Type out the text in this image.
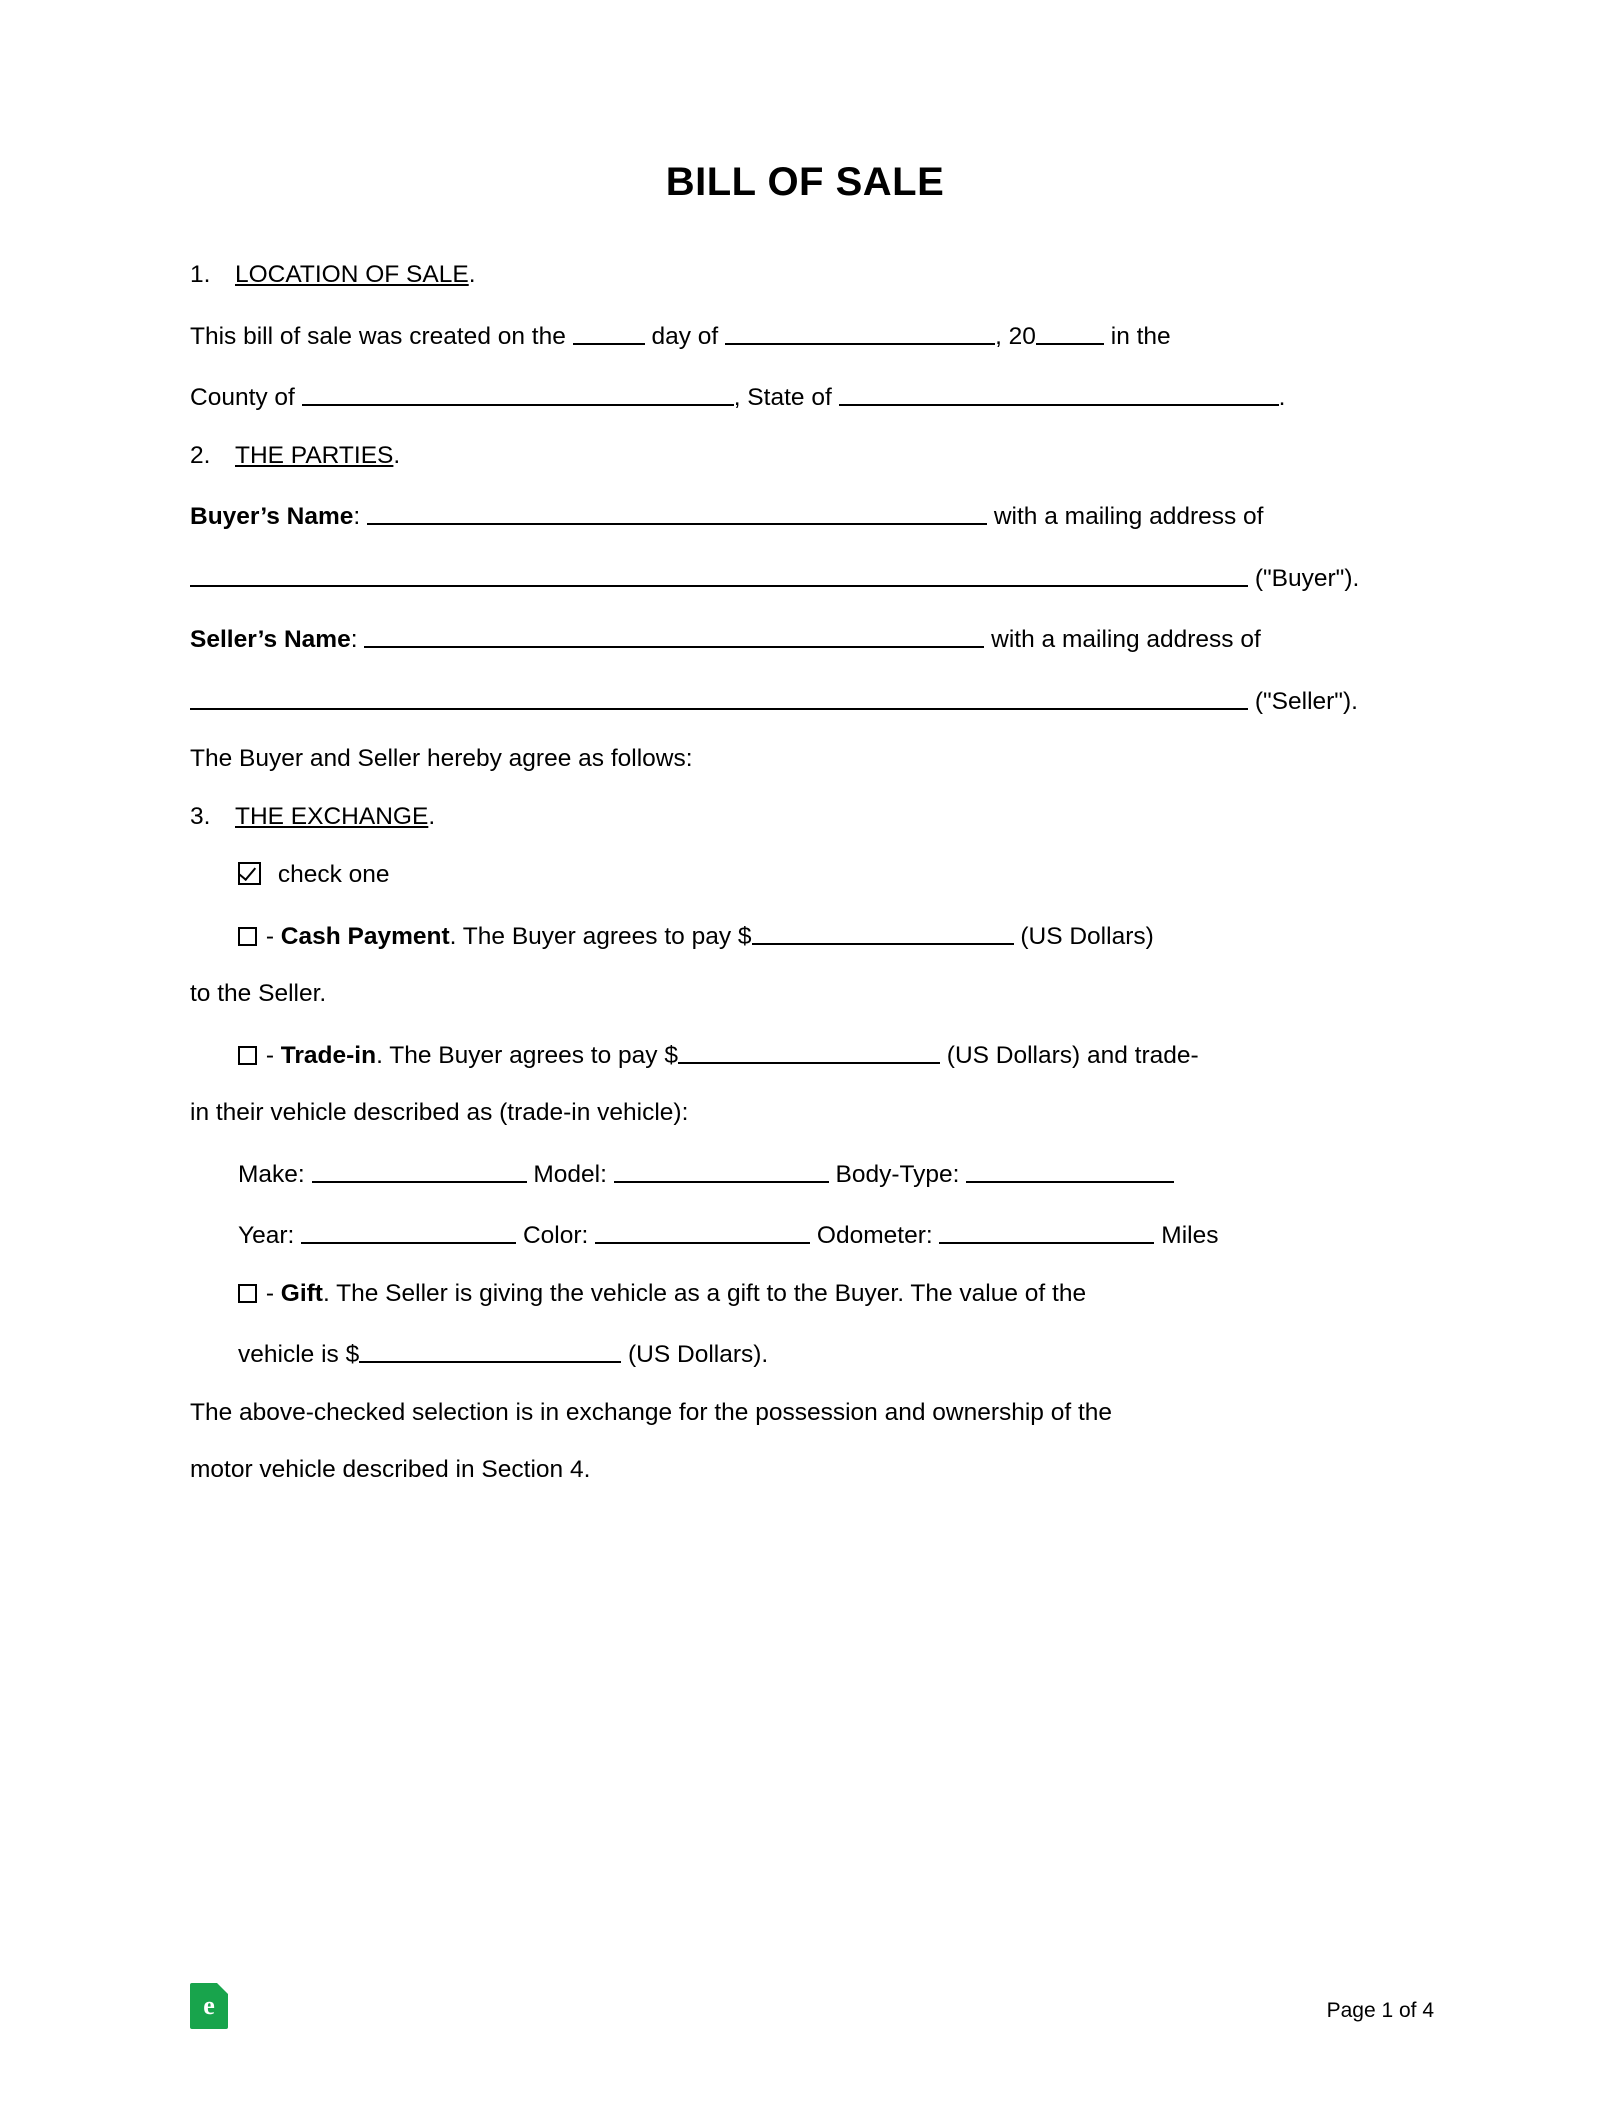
BILL OF SALE
1.	LOCATION OF SALE.
This bill of sale was created on the	day of	, 20	in the
County of	, State of	.
2.	THE PARTIES.
Buyer’s Name:	with a mailing address of
("Buyer").
Seller’s Name:	with a mailing address of
("Seller").
The Buyer and Seller hereby agree as follows:
3.	THE EXCHANGE.
check one
- Cash Payment. The Buyer agrees to pay $	(US Dollars)
to the Seller.
- Trade-in. The Buyer agrees to pay $	(US Dollars) and trade-
in their vehicle described as (trade-in vehicle):
Make:	Model:	Body-Type:
Year:	Color:	Odometer:	Miles
- Gift. The Seller is giving the vehicle as a gift to the Buyer. The value of the
vehicle is $	(US Dollars).
The above-checked selection is in exchange for the possession and ownership of the
motor vehicle described in Section 4.
e	Page 1 of 4
